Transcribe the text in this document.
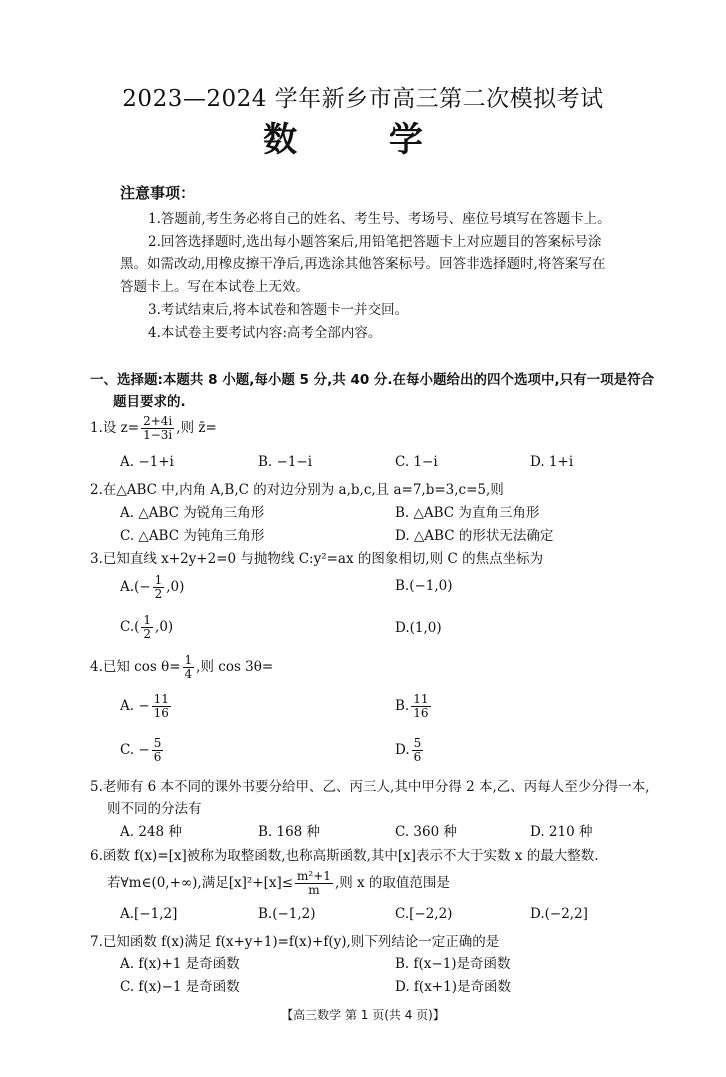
2023—2024 学年新乡市高三第二次模拟考试
数 学
注意事项：
1.答题前,考生务必将自己的姓名、考生号、考场号、座位号填写在答题卡上。
2.回答选择题时,选出每小题答案后,用铅笔把答题卡上对应题目的答案标号涂
黑。如需改动,用橡皮擦干净后,再选涂其他答案标号。回答非选择题时,将答案写在
答题卡上。写在本试卷上无效。
3.考试结束后,将本试卷和答题卡一并交回。
4.本试卷主要考试内容:高考全部内容。
一、选择题:本题共 8 小题,每小题 5 分,共 40 分.在每小题给出的四个选项中,只有一项是符合
题目要求的.
1.设 $z= \frac{2+4i}{1-3i}$ ,则 z̄=
A. −1+i	B. −1−i	C. 1−i	D. 1+i
2.在△ABC 中,内角 A,B,C 的对边分别为 a,b,c,且 a=7,b=3,c=5,则
A. △ABC 为锐角三角形	B. △ABC 为直角三角形
C. △ABC 为钝角三角形	D. △ABC 的形状无法确定
3.已知直线 x+2y+2=0 与抛物线 C:y²=ax 的图象相切,则 C 的焦点坐标为
$A.(- \frac{1}{2} ,0)$	B.(−1,0)
$C.( \frac{1}{2} ,0)$	D.(1,0)
4.已知 $\cos \theta= \frac{1}{4}$ ,则 cos 3θ=
A. − $\frac{11}{16}$	B. $\frac{11}{16}$
C. − $\frac{5}{6}$	D. $\frac{5}{6}$
5.老师有 6 本不同的课外书要分给甲、乙、丙三人,其中甲分得 2 本,乙、丙每人至少分得一本,
则不同的分法有
A. 248 种	B. 168 种	C. 360 种	D. 210 种
6.函数 f(x)=[x]被称为取整函数,也称高斯函数,其中[x]表示不大于实数 x 的最大整数.
若∀m∈(0,+∞),满足$[x]^2+[x]\le \frac{\text{m²+1}}{m}$ ,则 x 的取值范围是
A.[−1,2]	B.(−1,2)	C.[−2,2)	D.(−2,2]
7.已知函数 f(x)满足 f(x+y+1)=f(x)+f(y),则下列结论一定正确的是
A. f(x)+1 是奇函数	B. f(x−1)是奇函数
C. f(x)−1 是奇函数	D. f(x+1)是奇函数
【高三数学 第 1 页(共 4 页)】
